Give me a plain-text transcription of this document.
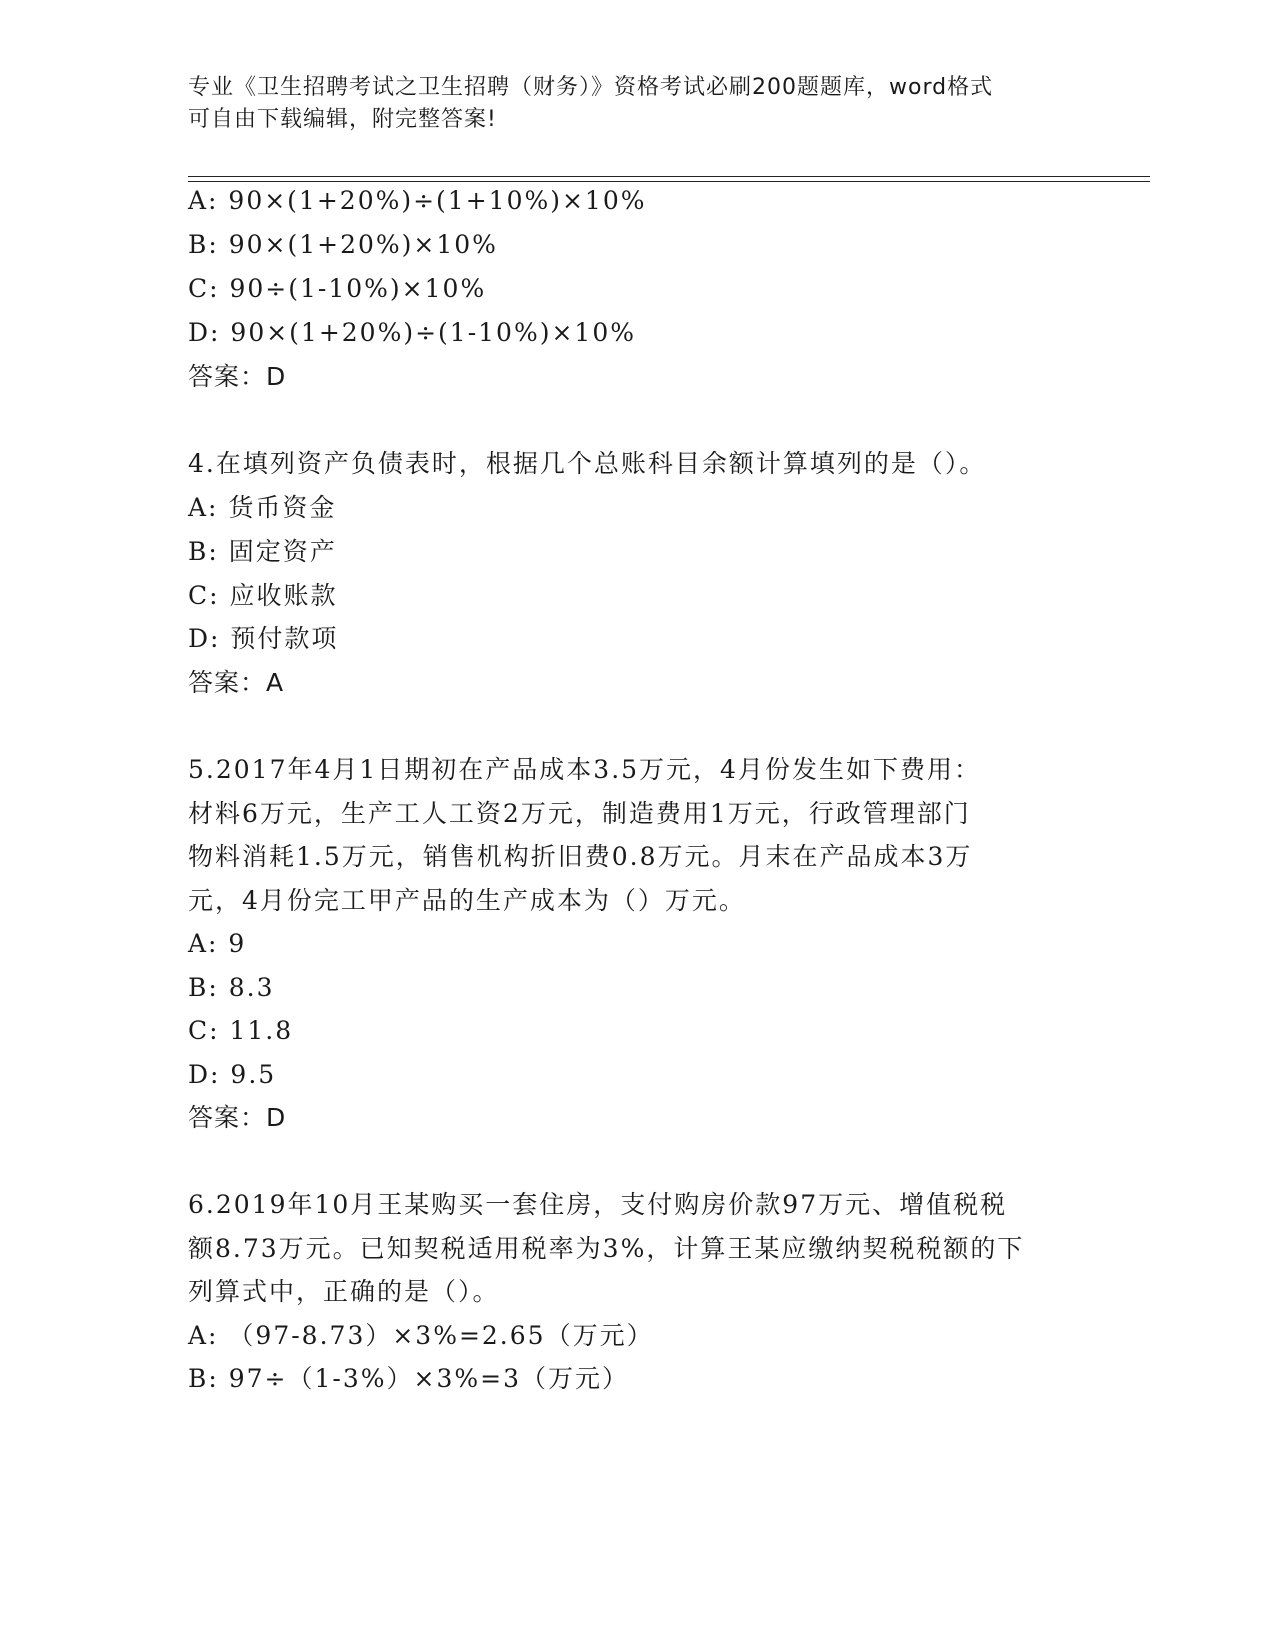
专业《卫生招聘考试之卫生招聘（财务）》资格考试必刷200题题库，word格式
可自由下载编辑，附完整答案!
A: 90×(1+20%)÷(1+10%)×10%
B: 90×(1+20%)×10%
C: 90÷(1-10%)×10%
D: 90×(1+20%)÷(1-10%)×10%
答案：D
4.在填列资产负债表时，根据几个总账科目余额计算填列的是（）。
A: 货币资金
B: 固定资产
C: 应收账款
D: 预付款项
答案：A
5.2017年4月1日期初在产品成本3.5万元，4月份发生如下费用：
材料6万元，生产工人工资2万元，制造费用1万元，行政管理部门
物料消耗1.5万元，销售机构折旧费0.8万元。月末在产品成本3万
元，4月份完工甲产品的生产成本为（）万元。
A: 9
B: 8.3
C: 11.8
D: 9.5
答案：D
6.2019年10月王某购买一套住房，支付购房价款97万元、增值税税
额8.73万元。已知契税适用税率为3%，计算王某应缴纳契税税额的下
列算式中，正确的是（）。
A: （97-8.73）×3%=2.65（万元）
B: 97÷（1-3%）×3%=3（万元）
